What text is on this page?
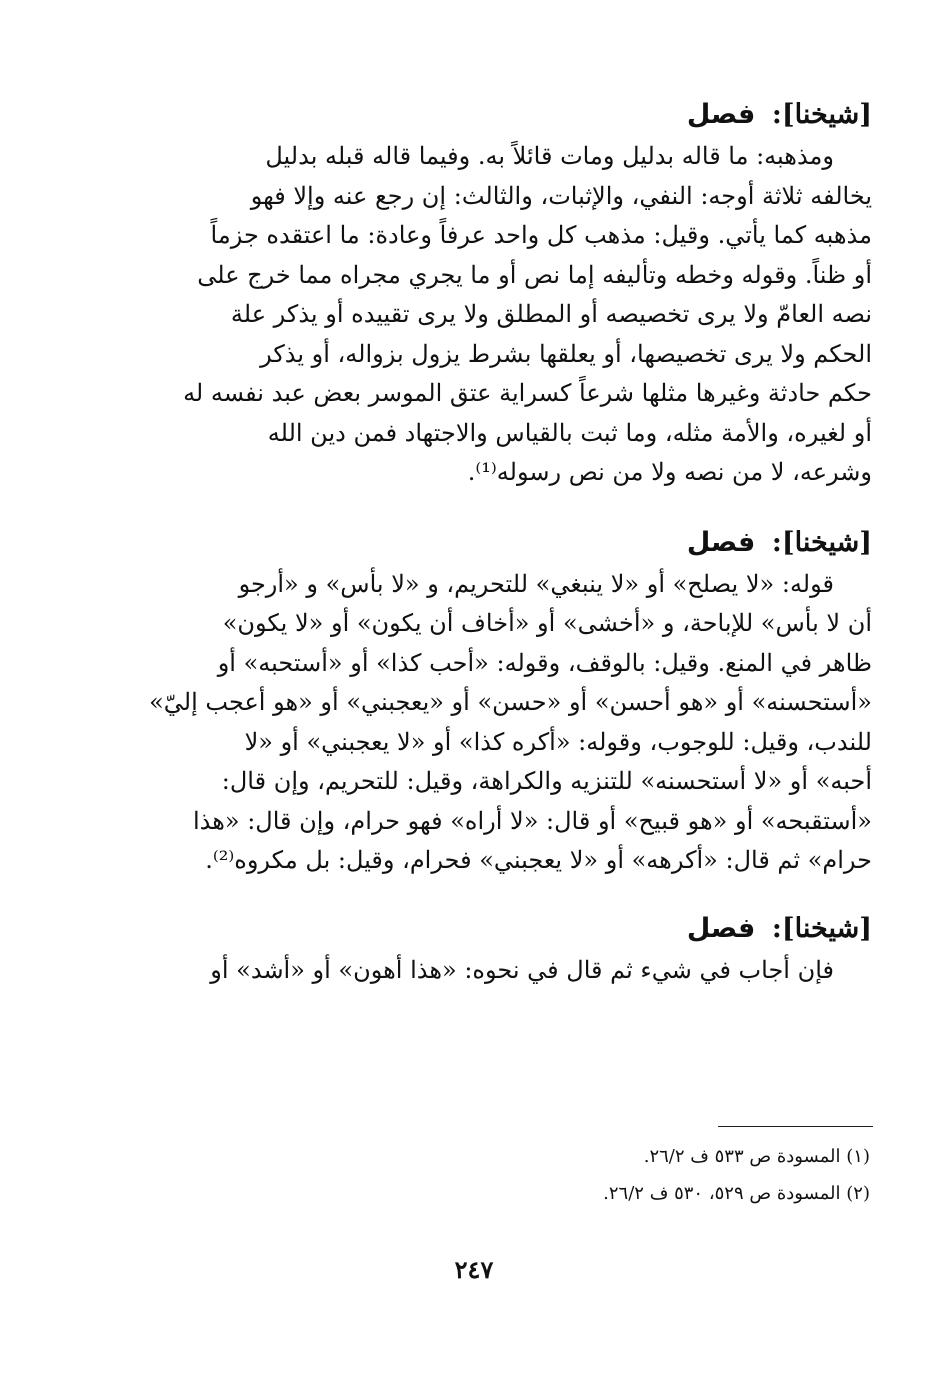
[شيخنا]: فصل
ومذهبه: ما قاله بدليل ومات قائلاً به. وفيما قاله قبله بدليل
يخالفه ثلاثة أوجه: النفي، والإثبات، والثالث: إن رجع عنه وإلا فهو
مذهبه كما يأتي. وقيل: مذهب كل واحد عرفاً وعادة: ما اعتقده جزماً
أو ظناً. وقوله وخطه وتأليفه إما نص أو ما يجري مجراه مما خرج على
نصه العامّ ولا يرى تخصيصه أو المطلق ولا يرى تقييده أو يذكر علة
الحكم ولا يرى تخصيصها، أو يعلقها بشرط يزول بزواله، أو يذكر
حكم حادثة وغيرها مثلها شرعاً كسراية عتق الموسر بعض عبد نفسه له
أو لغيره، والأمة مثله، وما ثبت بالقياس والاجتهاد فمن دين الله
وشرعه، لا من نصه ولا من نص رسوله⁽¹⁾.
[شيخنا]: فصل
قوله: «لا يصلح» أو «لا ينبغي» للتحريم، و «لا بأس» و «أرجو
أن لا بأس» للإباحة، و «أخشى» أو «أخاف أن يكون» أو «لا يكون»
ظاهر في المنع. وقيل: بالوقف، وقوله: «أحب كذا» أو «أستحبه» أو
«أستحسنه» أو «هو أحسن» أو «حسن» أو «يعجبني» أو «هو أعجب إليّ»
للندب، وقيل: للوجوب، وقوله: «أكره كذا» أو «لا يعجبني» أو «لا
أحبه» أو «لا أستحسنه» للتنزيه والكراهة، وقيل: للتحريم، وإن قال:
«أستقبحه» أو «هو قبيح» أو قال: «لا أراه» فهو حرام، وإن قال: «هذا
حرام» ثم قال: «أكرهه» أو «لا يعجبني» فحرام، وقيل: بل مكروه⁽²⁾.
[شيخنا]: فصل
فإن أجاب في شيء ثم قال في نحوه: «هذا أهون» أو «أشد» أو
(١) المسودة ص ٥٣٣ ف ٢٦/٢.
(٢) المسودة ص ٥٢٩، ٥٣٠ ف ٢٦/٢.
٢٤٧
